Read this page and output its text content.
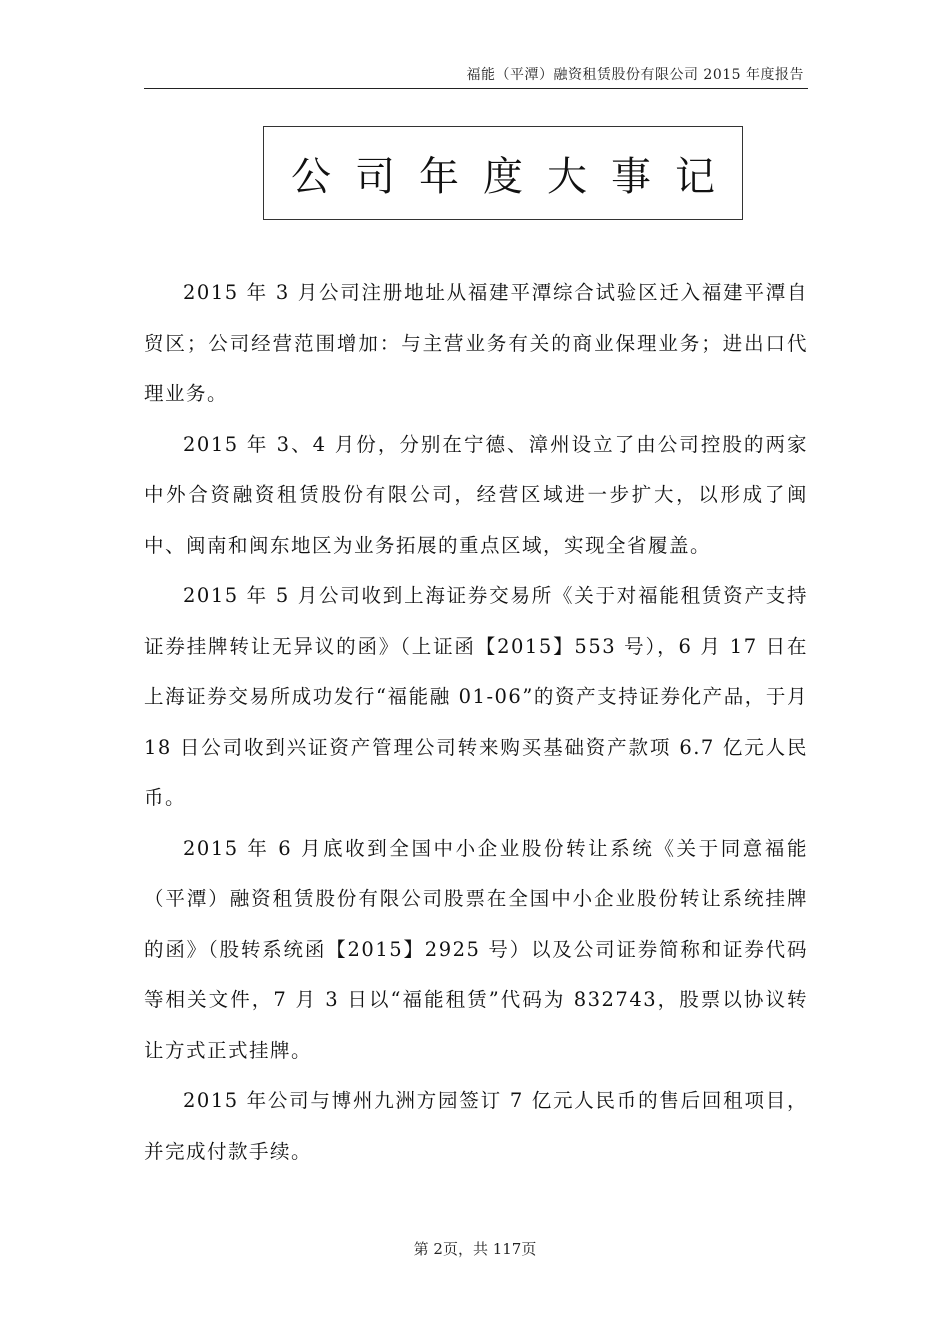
福能（平潭）融资租赁股份有限公司 2015 年度报告
公司年度大事记

2015 年 3 月公司注册地址从福建平潭综合试验区迁入福建平潭自贸区；公司经营范围增加：与主营业务有关的商业保理业务；进出口代理业务。

2015 年 3、4 月份，分别在宁德、漳州设立了由公司控股的两家中外合资融资租赁股份有限公司，经营区域进一步扩大，以形成了闽中、闽南和闽东地区为业务拓展的重点区域，实现全省履盖。

2015 年 5 月公司收到上海证券交易所《关于对福能租赁资产支持证券挂牌转让无异议的函》（上证函【2015】553 号），6 月 17 日在上海证券交易所成功发行“福能融 01-06”的资产支持证券化产品，于月 18 日公司收到兴证资产管理公司转来购买基础资产款项 6.7 亿元人民币。

2015 年 6 月底收到全国中小企业股份转让系统《关于同意福能（平潭）融资租赁股份有限公司股票在全国中小企业股份转让系统挂牌的函》（股转系统函【2015】2925 号）以及公司证券简称和证券代码等相关文件，7 月 3 日以“福能租赁”代码为 832743，股票以协议转让方式正式挂牌。

2015 年公司与博州九洲方园签订 7 亿元人民币的售后回租项目，并完成付款手续。

第 2页，共 117页
